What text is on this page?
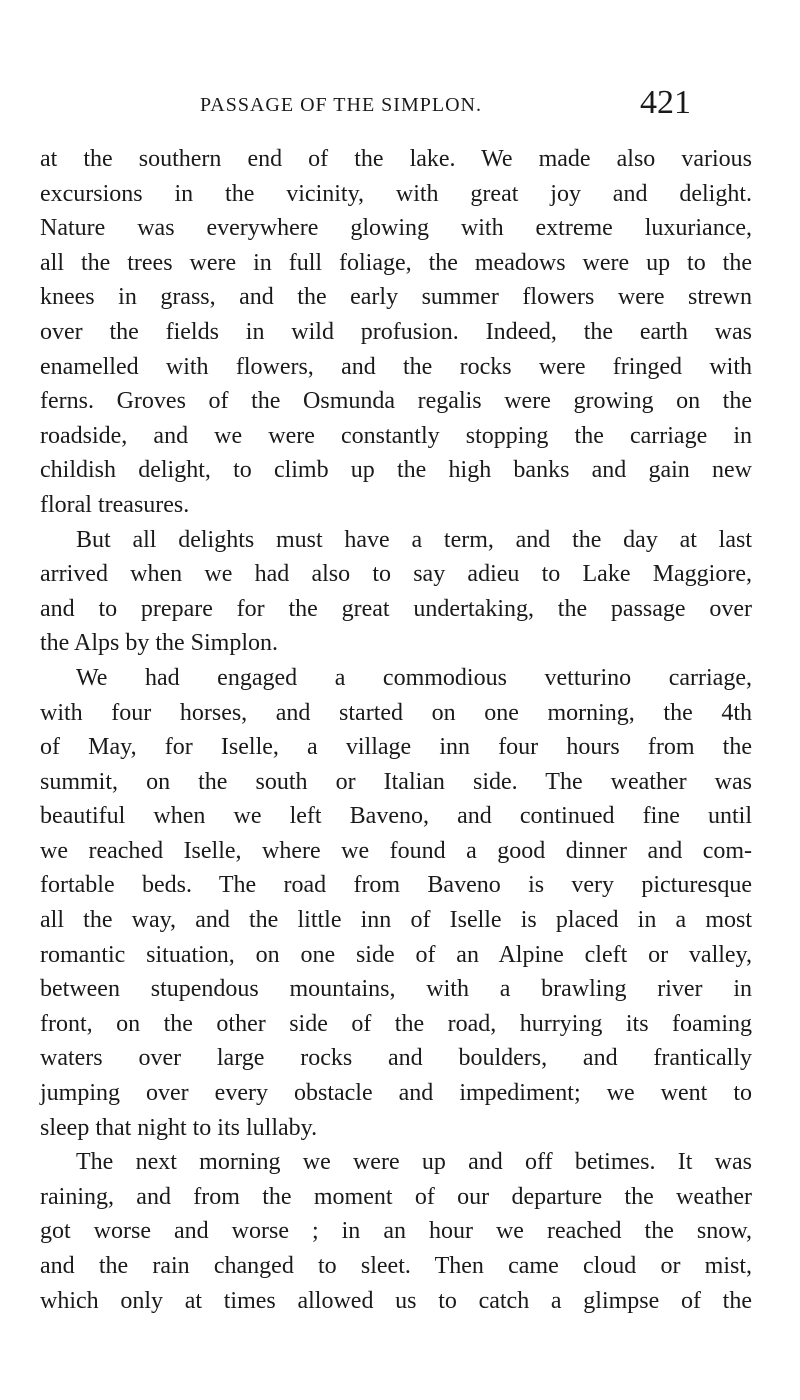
PASSAGE OF THE SIMPLON.	421
at the southern end of the lake. We made also various
excursions in the vicinity, with great joy and delight.
Nature was everywhere glowing with extreme luxuriance,
all the trees were in full foliage, the meadows were up to the
knees in grass, and the early summer flowers were strewn
over the fields in wild profusion. Indeed, the earth was
enamelled with flowers, and the rocks were fringed with
ferns. Groves of the Osmunda regalis were growing on the
roadside, and we were constantly stopping the carriage in
childish delight, to climb up the high banks and gain new
floral treasures.
But all delights must have a term, and the day at last
arrived when we had also to say adieu to Lake Maggiore,
and to prepare for the great undertaking, the passage over
the Alps by the Simplon.
We had engaged a commodious vetturino carriage,
with four horses, and started on one morning, the 4th
of May, for Iselle, a village inn four hours from the
summit, on the south or Italian side. The weather was
beautiful when we left Baveno, and continued fine until
we reached Iselle, where we found a good dinner and com-
fortable beds. The road from Baveno is very picturesque
all the way, and the little inn of Iselle is placed in a most
romantic situation, on one side of an Alpine cleft or valley,
between stupendous mountains, with a brawling river in
front, on the other side of the road, hurrying its foaming
waters over large rocks and boulders, and frantically
jumping over every obstacle and impediment; we went to
sleep that night to its lullaby.
The next morning we were up and off betimes. It was
raining, and from the moment of our departure the weather
got worse and worse ; in an hour we reached the snow,
and the rain changed to sleet. Then came cloud or mist,
which only at times allowed us to catch a glimpse of the
